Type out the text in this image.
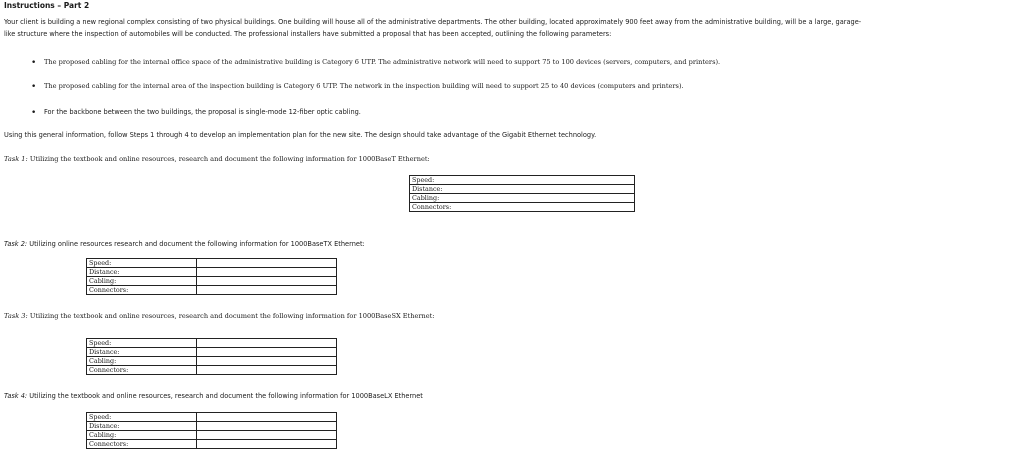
Instructions – Part 2
Your client is building a new regional complex consisting of two physical buildings. One building will house all of the administrative departments. The other building, located approximately 900 feet away from the administrative building, will be a large, garage-
like structure where the inspection of automobiles will be conducted. The professional installers have submitted a proposal that has been accepted, outlining the following parameters:
•
The proposed cabling for the internal office space of the administrative building is Category 6 UTP. The administrative network will need to support 75 to 100 devices (servers, computers, and printers).
•
The proposed cabling for the internal area of the inspection building is Category 6 UTP. The network in the inspection building will need to support 25 to 40 devices (computers and printers).
•
For the backbone between the two buildings, the proposal is single-mode 12-fiber optic cabling.
Using this general information, follow Steps 1 through 4 to develop an implementation plan for the new site. The design should take advantage of the Gigabit Ethernet technology.
Task 1: Utilizing the textbook and online resources, research and document the following information for 1000BaseT Ethernet:
Speed:
Distance:
Cabling:
Connectors:
Task 2: Utilizing online resources research and document the following information for 1000BaseTX Ethernet:
Speed:	
Distance:	
Cabling:	
Connectors:	
Task 3: Utilizing the textbook and online resources, research and document the following information for 1000BaseSX Ethernet:
Speed:	
Distance:	
Cabling:	
Connectors:	
Task 4: Utilizing the textbook and online resources, research and document the following information for 1000BaseLX Ethernet
Speed:	
Distance:	
Cabling:	
Connectors:	
